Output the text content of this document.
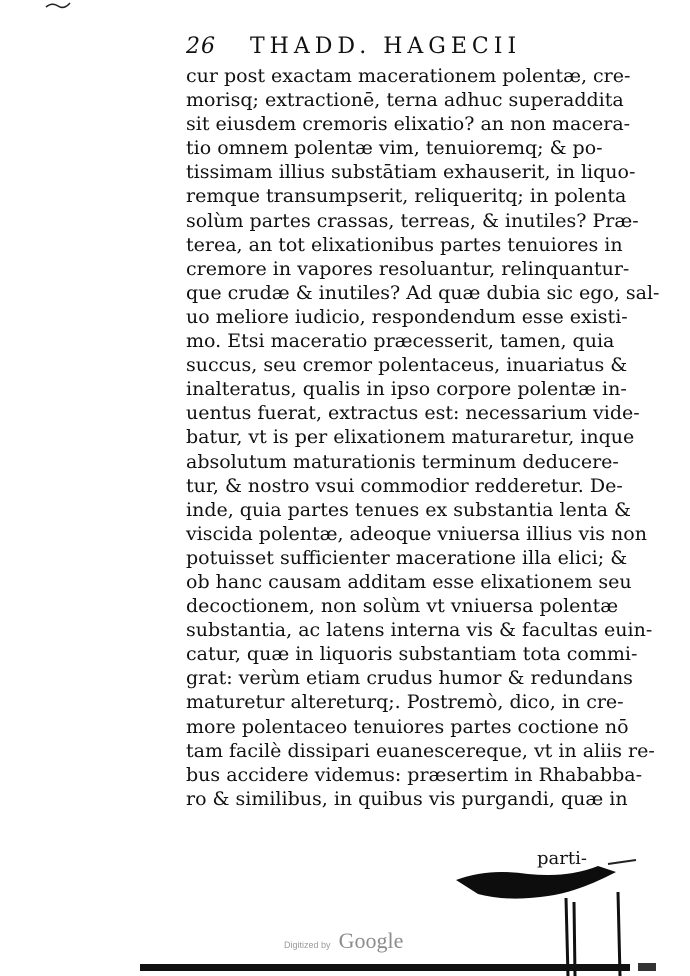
26 THADD. HAGECII
cur post exactam macerationem polentæ, cre-
morisq; extractionē, terna adhuc superaddita
sit eiusdem cremoris elixatio? an non macera-
tio omnem polentæ vim, tenuioremq; & po-
tissimam illius substātiam exhauserit, in liquo-
remque transumpserit, reliqueritq; in polenta
solùm partes crassas, terreas, & inutiles? Præ-
terea, an tot elixationibus partes tenuiores in
cremore in vapores resoluantur, relinquantur-
que crudæ & inutiles? Ad quæ dubia sic ego, sal-
uo meliore iudicio, respondendum esse existi-
mo. Etsi maceratio præcesserit, tamen, quia
succus, seu cremor polentaceus, inuariatus &
inalteratus, qualis in ipso corpore polentæ in-
uentus fuerat, extractus est: necessarium vide-
batur, vt is per elixationem maturaretur, inque
absolutum maturationis terminum deducere-
tur, & nostro vsui commodior redderetur. De-
inde, quia partes tenues ex substantia lenta &
viscida polentæ, adeoque vniuersa illius vis non
potuisset sufficienter maceratione illa elici; &
ob hanc causam additam esse elixationem seu
decoctionem, non solùm vt vniuersa polentæ
substantia, ac latens interna vis & facultas euin-
catur, quæ in liquoris substantiam tota commi-
grat: verùm etiam crudus humor & redundans
maturetur altereturq;. Postremò, dico, in cre-
more polentaceo tenuiores partes coctione nō
tam facilè dissipari euanescereque, vt in aliis re-
bus accidere videmus: præsertim in Rhababba-
ro & similibus, in quibus vis purgandi, quæ in
parti-
Digitized by Google
